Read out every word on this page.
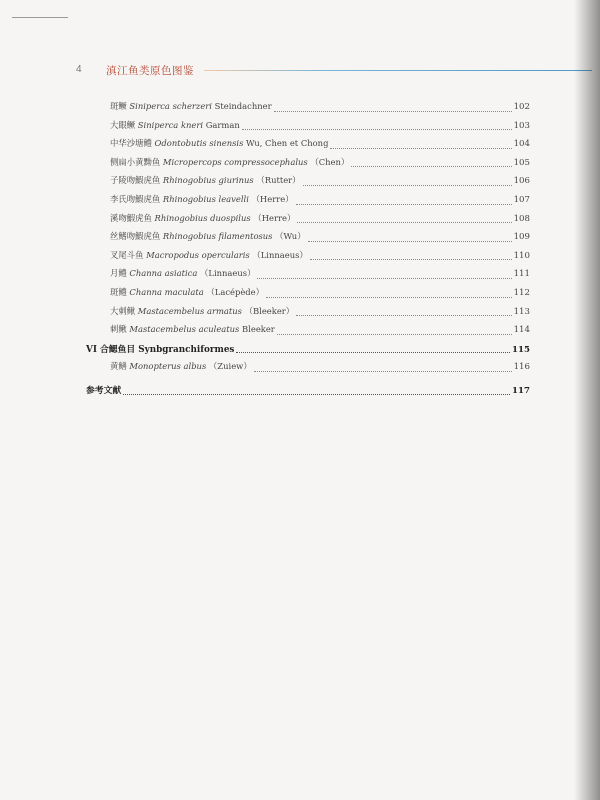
4 滇江鱼类原色图鉴
斑鳜 Siniperca scherzeri Steindachner	102
大眼鳜 Siniperca kneri Garman	103
中华沙塘鳢 Odontobutis sinensis Wu, Chen et Chong	104
侧扁小黄黝鱼 Micropercops compressocephalus （Chen）	105
子陵吻鰕虎鱼 Rhinogobius giurinus （Rutter）	106
李氏吻鰕虎鱼 Rhinogobius leavelli （Herre）	107
溪吻鰕虎鱼 Rhinogobius duospilus （Herre）	108
丝鳍吻鰕虎鱼 Rhinogobius filamentosus （Wu）	109
叉尾斗鱼 Macropodus opercularis （Linnaeus）	110
月鳢 Channa asiatica （Linnaeus）	111
斑鳢 Channa maculata （Lacépède）	112
大刺鳅 Mastacembelus armatus （Bleeker）	113
刺鳅 Mastacembelus aculeatus Bleeker	114
VI 合鳃鱼目 Synbgranchiformes	115
黄鳝 Monopterus albus （Zuiew）	116
参考文献	117
